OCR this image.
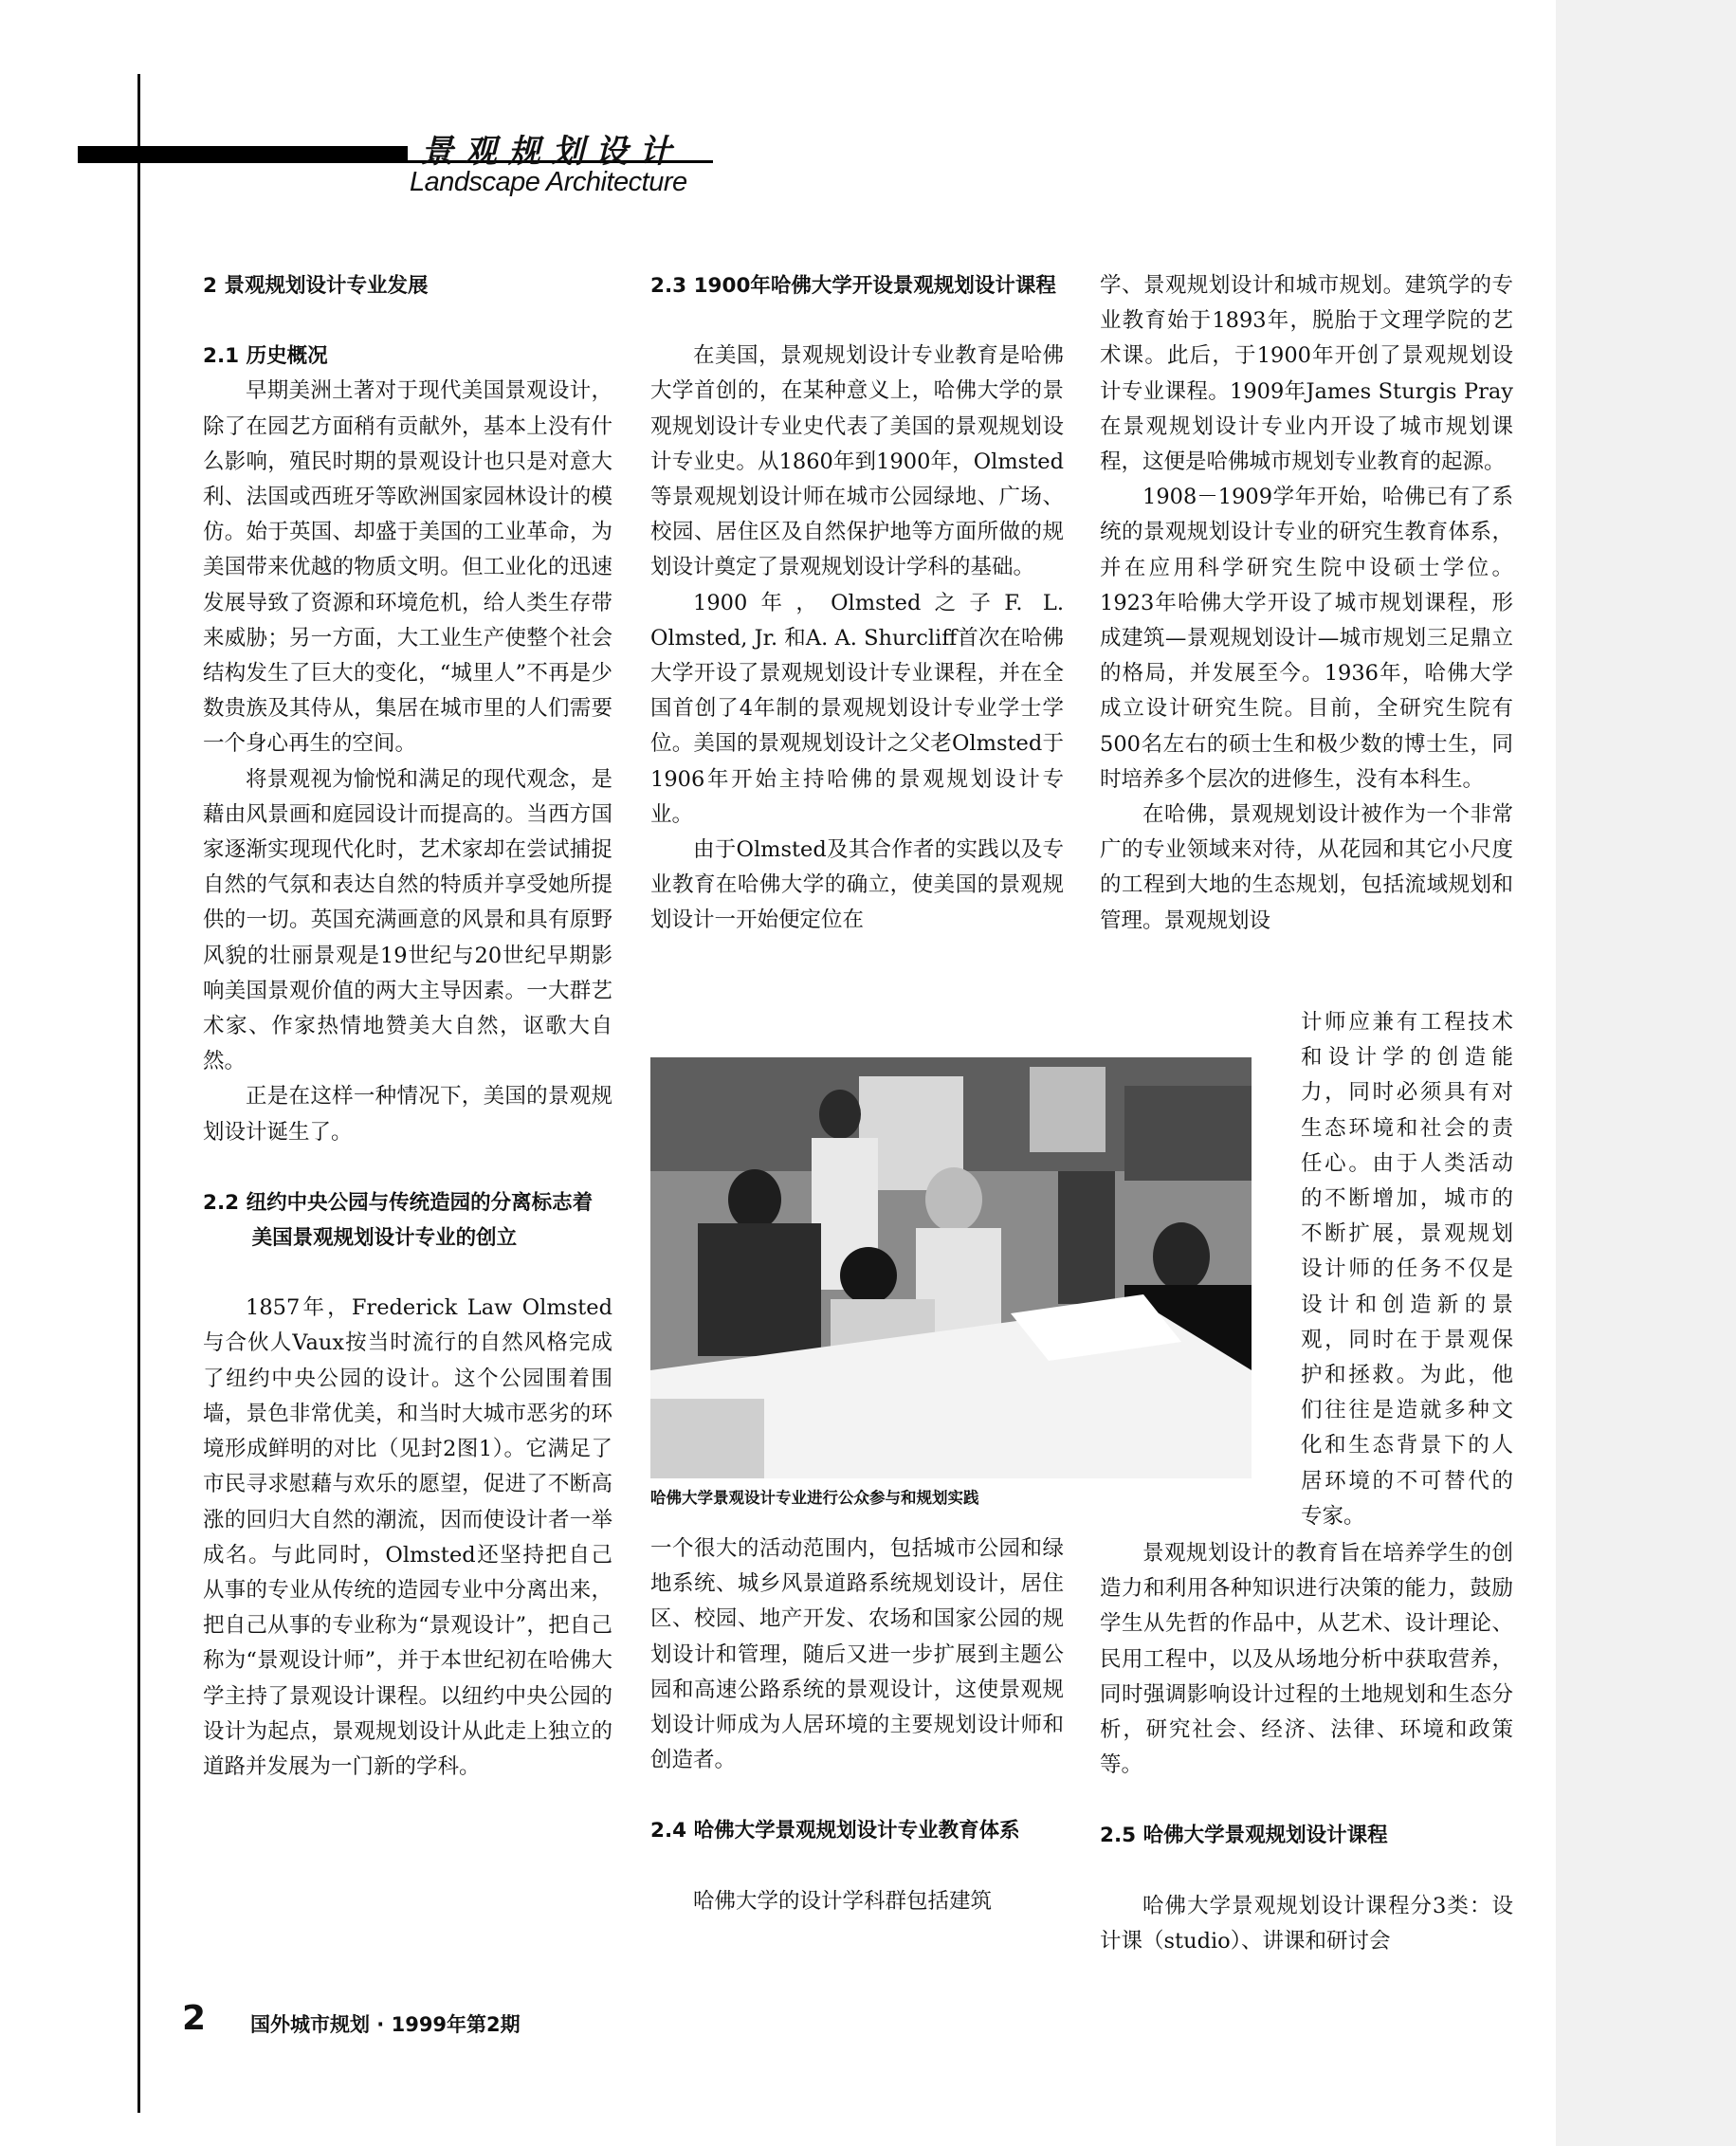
景观规划设计
Landscape Architecture
2 景观规划设计专业发展
2.1 历史概况

早期美洲土著对于现代美国景观设计，除了在园艺方面稍有贡献外，基本上没有什么影响，殖民时期的景观设计也只是对意大利、法国或西班牙等欧洲国家园林设计的模仿。始于英国、却盛于美国的工业革命，为美国带来优越的物质文明。但工业化的迅速发展导致了资源和环境危机，给人类生存带来威胁；另一方面，大工业生产使整个社会结构发生了巨大的变化，“城里人”不再是少数贵族及其侍从，集居在城市里的人们需要一个身心再生的空间。

将景观视为愉悦和满足的现代观念，是藉由风景画和庭园设计而提高的。当西方国家逐渐实现现代化时，艺术家却在尝试捕捉自然的气氛和表达自然的特质并享受她所提供的一切。英国充满画意的风景和具有原野风貌的壮丽景观是19世纪与20世纪早期影响美国景观价值的两大主导因素。一大群艺术家、作家热情地赞美大自然，讴歌大自然。

正是在这样一种情况下，美国的景观规划设计诞生了。

2.2 纽约中央公园与传统造园的分离标志着美国景观规划设计专业的创立

1857年，Frederick Law Olmsted与合伙人Vaux按当时流行的自然风格完成了纽约中央公园的设计。这个公园围着围墙，景色非常优美，和当时大城市恶劣的环境形成鲜明的对比（见封2图1）。它满足了市民寻求慰藉与欢乐的愿望，促进了不断高涨的回归大自然的潮流，因而使设计者一举成名。与此同时，Olmsted还坚持把自己从事的专业从传统的造园专业中分离出来，把自己从事的专业称为“景观设计”，把自己称为“景观设计师”，并于本世纪初在哈佛大学主持了景观设计课程。以纽约中央公园的设计为起点，景观规划设计从此走上独立的道路并发展为一门新的学科。

2.3 1900年哈佛大学开设景观规划设计课程

在美国，景观规划设计专业教育是哈佛大学首创的，在某种意义上，哈佛大学的景观规划设计专业史代表了美国的景观规划设计专业史。从1860年到1900年，Olmsted等景观规划设计师在城市公园绿地、广场、校园、居住区及自然保护地等方面所做的规划设计奠定了景观规划设计学科的基础。

1900年，Olmsted之子F. L. Olmsted, Jr. 和A. A. Shurcliff首次在哈佛大学开设了景观规划设计专业课程，并在全国首创了4年制的景观规划设计专业学士学位。美国的景观规划设计之父老Olmsted于1906年开始主持哈佛的景观规划设计专业。

由于Olmsted及其合作者的实践以及专业教育在哈佛大学的确立，使美国的景观规划设计一开始便定位在

哈佛大学景观设计专业进行公众参与和规划实践

一个很大的活动范围内，包括城市公园和绿地系统、城乡风景道路系统规划设计，居住区、校园、地产开发、农场和国家公园的规划设计和管理，随后又进一步扩展到主题公园和高速公路系统的景观设计，这使景观规划设计师成为人居环境的主要规划设计师和创造者。

2.4 哈佛大学景观规划设计专业教育体系

哈佛大学的设计学科群包括建筑

学、景观规划设计和城市规划。建筑学的专业教育始于1893年，脱胎于文理学院的艺术课。此后，于1900年开创了景观规划设计专业课程。1909年James Sturgis Pray在景观规划设计专业内开设了城市规划课程，这便是哈佛城市规划专业教育的起源。

1908－1909学年开始，哈佛已有了系统的景观规划设计专业的研究生教育体系，并在应用科学研究生院中设硕士学位。1923年哈佛大学开设了城市规划课程，形成建筑—景观规划设计—城市规划三足鼎立的格局，并发展至今。1936年，哈佛大学成立设计研究生院。目前，全研究生院有500名左右的硕士生和极少数的博士生，同时培养多个层次的进修生，没有本科生。

在哈佛，景观规划设计被作为一个非常广的专业领域来对待，从花园和其它小尺度的工程到大地的生态规划，包括流域规划和管理。景观规划设

计师应兼有工程技术和设计学的创造能力，同时必须具有对生态环境和社会的责任心。由于人类活动的不断增加，城市的不断扩展，景观规划设计师的任务不仅是设计和创造新的景观，同时在于景观保护和拯救。为此，他们往往是造就多种文化和生态背景下的人居环境的不可替代的专家。

景观规划设计的教育旨在培养学生的创造力和利用各种知识进行决策的能力，鼓励学生从先哲的作品中，从艺术、设计理论、民用工程中，以及从场地分析中获取营养，同时强调影响设计过程的土地规划和生态分析，研究社会、经济、法律、环境和政策等。

2.5 哈佛大学景观规划设计课程

哈佛大学景观规划设计课程分3类：设计课（studio）、讲课和研讨会

2 国外城市规划 · 1999年第2期
